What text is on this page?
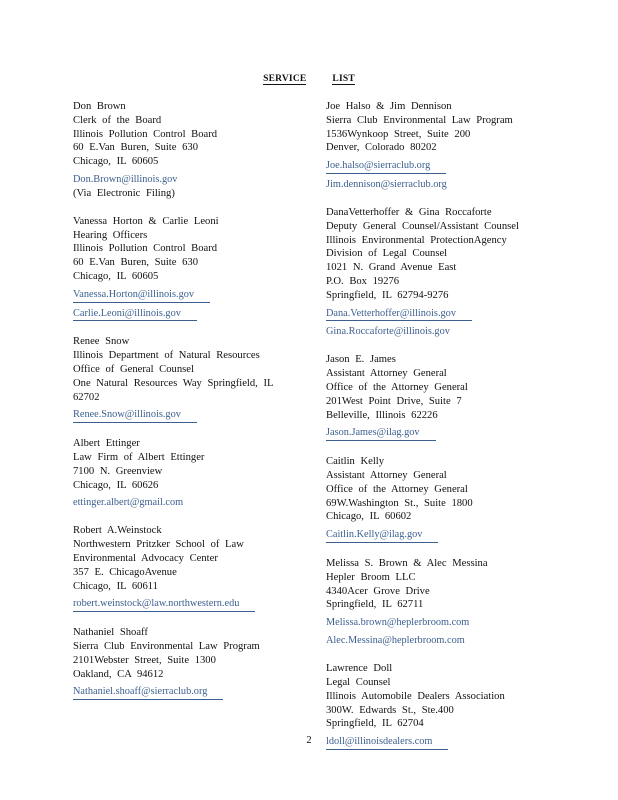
SERVICE	LIST
Don Brown
Clerk of the Board
Illinois Pollution Control Board
60 E.Van Buren, Suite 630
Chicago, IL 60605
Don.Brown@illinois.gov
(Via Electronic Filing)
Vanessa Horton & Carlie Leoni
Hearing Officers
Illinois Pollution Control Board
60 E.Van Buren, Suite 630
Chicago, IL 60605
Vanessa.Horton@illinois.gov
Carlie.Leoni@illinois.gov
Renee Snow
Illinois Department of Natural Resources
Office of General Counsel
One Natural Resources Way Springfield, IL
62702
Renee.Snow@illinois.gov
Albert Ettinger
Law Firm of Albert Ettinger
7100 N. Greenview
Chicago, IL 60626
ettinger.albert@gmail.com
Robert A.Weinstock
Northwestern Pritzker School of Law
Environmental Advocacy Center
357 E. ChicagoAvenue
Chicago, IL 60611
robert.weinstock@law.northwestern.edu
Nathaniel Shoaff
Sierra Club Environmental Law Program
2101Webster Street, Suite 1300
Oakland, CA 94612
Nathaniel.shoaff@sierraclub.org
Joe Halso & Jim Dennison
Sierra Club Environmental Law Program
1536Wynkoop Street, Suite 200
Denver, Colorado 80202
Joe.halso@sierraclub.org
Jim.dennison@sierraclub.org
DanaVetterhoffer & Gina Roccaforte
Deputy General Counsel/Assistant Counsel
Illinois Environmental ProtectionAgency
Division of Legal Counsel
1021 N. Grand Avenue East
P.O. Box 19276
Springfield, IL 62794-9276
Dana.Vetterhoffer@illinois.gov
Gina.Roccaforte@illinois.gov
Jason E. James
Assistant Attorney General
Office of the Attorney General
201West Point Drive, Suite 7
Belleville, Illinois 62226
Jason.James@ilag.gov
Caitlin Kelly
Assistant Attorney General
Office of the Attorney General
69W.Washington St., Suite 1800
Chicago, IL 60602
Caitlin.Kelly@ilag.gov
Melissa S. Brown & Alec Messina
Hepler Broom LLC
4340Acer Grove Drive
Springfield, IL 62711
Melissa.brown@heplerbroom.com
Alec.Messina@heplerbroom.com
Lawrence Doll
Legal Counsel
Illinois Automobile Dealers Association
300W. Edwards St., Ste.400
Springfield, IL 62704
ldoll@illinoisdealers.com
2
